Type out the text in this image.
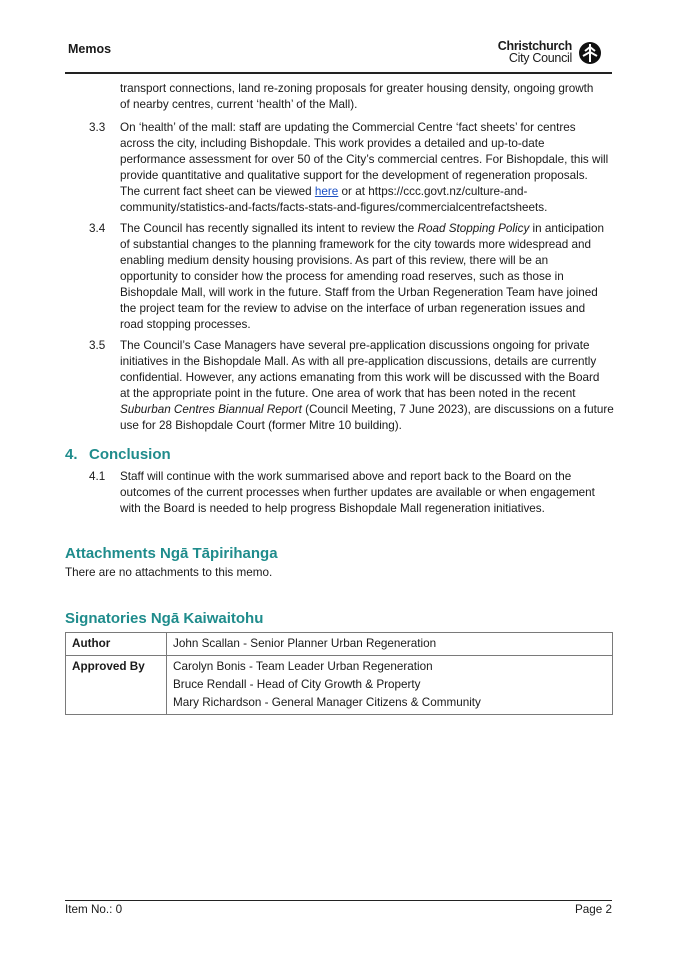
Memos	Christchurch
City Council
transport connections, land re-zoning proposals for greater housing density, ongoing growth
of nearby centres, current ‘health’ of the Mall).
3.3 On ‘health’ of the mall: staff are updating the Commercial Centre ‘fact sheets’ for centres
across the city, including Bishopdale. This work provides a detailed and up-to-date
performance assessment for over 50 of the City’s commercial centres. For Bishopdale, this will
provide quantitative and qualitative support for the development of regeneration proposals.
The current fact sheet can be viewed here or at https://ccc.govt.nz/culture-and-
community/statistics-and-facts/facts-stats-and-figures/commercialcentrefactsheets.
3.4 The Council has recently signalled its intent to review the Road Stopping Policy in anticipation
of substantial changes to the planning framework for the city towards more widespread and
enabling medium density housing provisions. As part of this review, there will be an
opportunity to consider how the process for amending road reserves, such as those in
Bishopdale Mall, will work in the future. Staff from the Urban Regeneration Team have joined
the project team for the review to advise on the interface of urban regeneration issues and
road stopping processes.
3.5 The Council’s Case Managers have several pre-application discussions ongoing for private
initiatives in the Bishopdale Mall. As with all pre-application discussions, details are currently
confidential. However, any actions emanating from this work will be discussed with the Board
at the appropriate point in the future. One area of work that has been noted in the recent
Suburban Centres Biannual Report (Council Meeting, 7 June 2023), are discussions on a future
use for 28 Bishopdale Court (former Mitre 10 building).
4. Conclusion
4.1 Staff will continue with the work summarised above and report back to the Board on the
outcomes of the current processes when further updates are available or when engagement
with the Board is needed to help progress Bishopdale Mall regeneration initiatives.
Attachments Ngā Tāpirihanga
There are no attachments to this memo.
Signatories Ngā Kaiwaitohu
Author	John Scallan - Senior Planner Urban Regeneration
Approved By	Carolyn Bonis - Team Leader Urban Regeneration
Bruce Rendall - Head of City Growth & Property
Mary Richardson - General Manager Citizens & Community
Item No.: 0	Page 2
